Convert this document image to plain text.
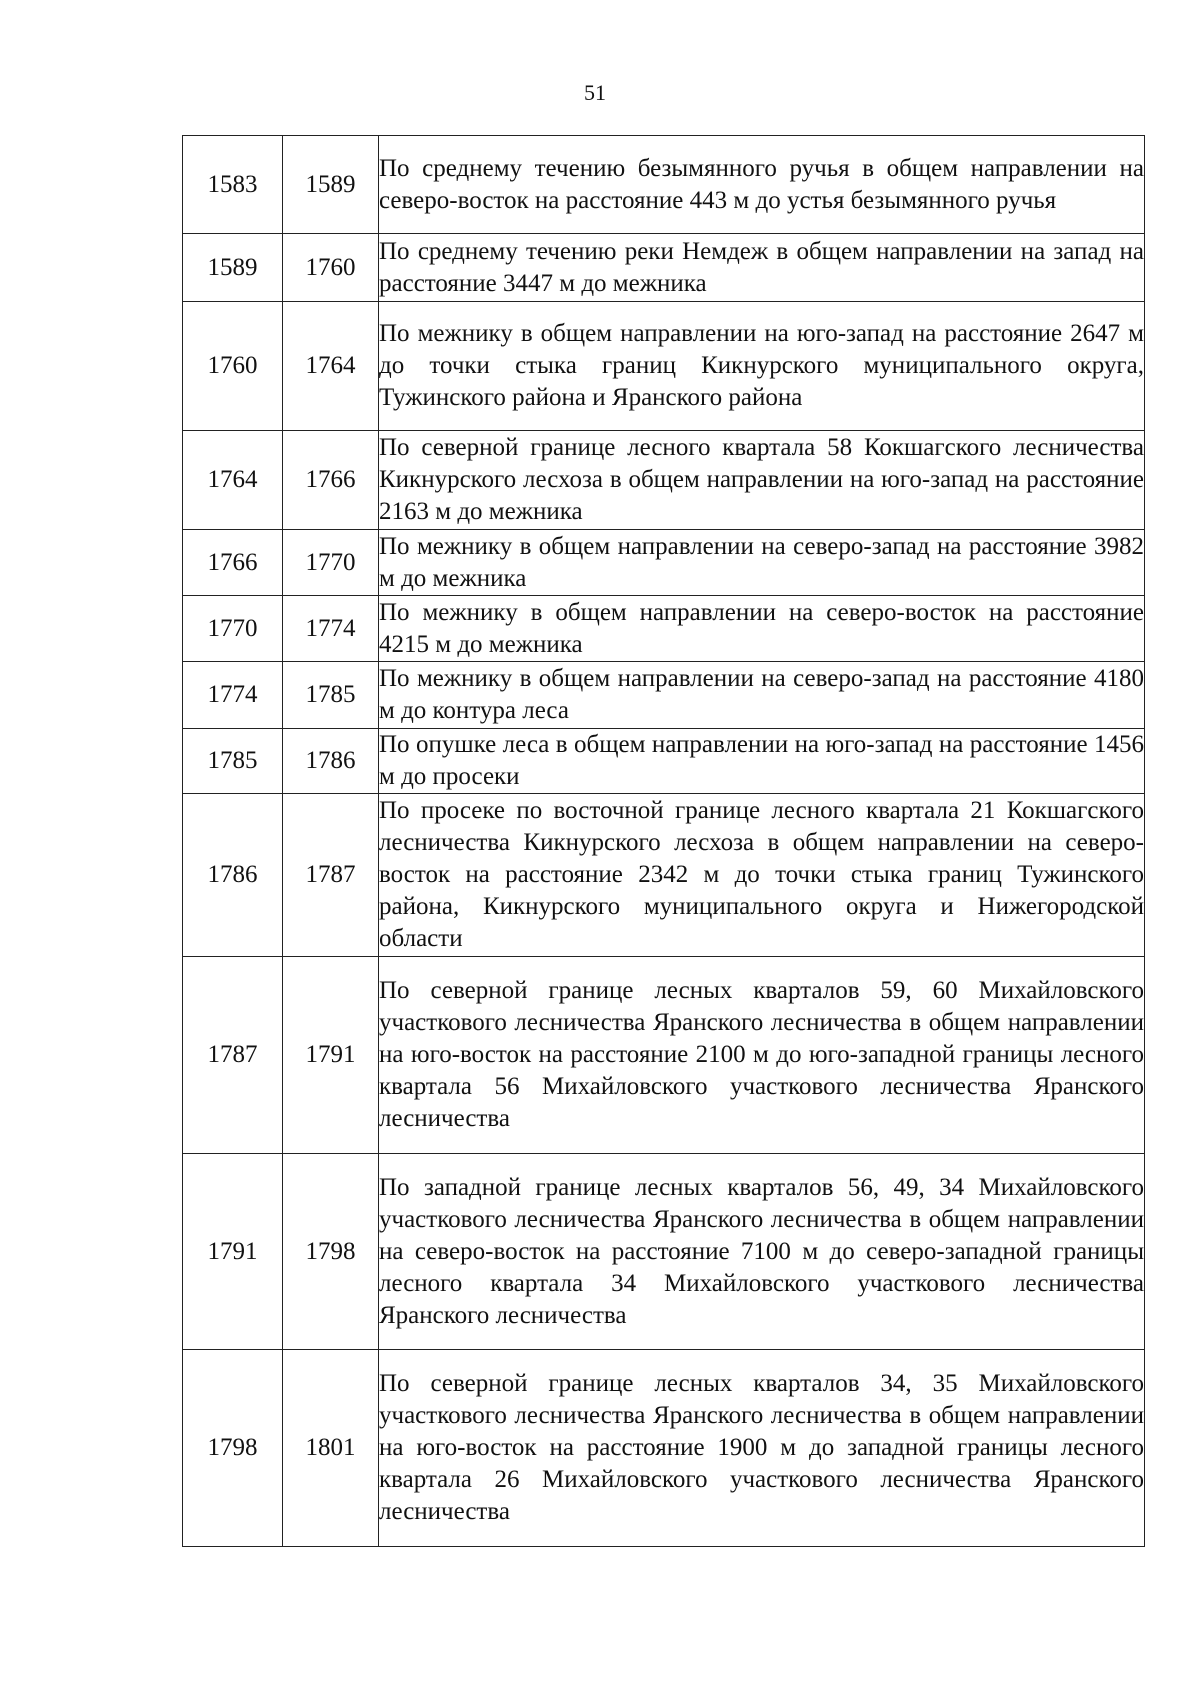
51
1583	1589	По среднему течению безымянного ручья в общем направлении на северо-восток на расстояние 443 м до устья безымянного ручья
1589	1760	По среднему течению реки Немдеж в общем направлении на запад на расстояние 3447 м до межника
1760	1764	По межнику в общем направлении на юго-запад на расстояние 2647 м до точки стыка границ Кикнурского муниципального округа, Тужинского района и Яранского района
1764	1766	По северной границе лесного квартала 58 Кокшагского лесничества Кикнурского лесхоза в общем направлении на юго-запад на расстояние 2163 м до межника
1766	1770	По межнику в общем направлении на северо-запад на расстояние 3982 м до межника
1770	1774	По межнику в общем направлении на северо-восток на расстояние 4215 м до межника
1774	1785	По межнику в общем направлении на северо-запад на расстояние 4180 м до контура леса
1785	1786	По опушке леса в общем направлении на юго-запад на расстояние 1456 м до просеки
1786	1787	По просеке по восточной границе лесного квартала 21 Кокшагского лесничества Кикнурского лесхоза в общем направлении на северо-восток на расстояние 2342 м до точки стыка границ Тужинского района, Кикнурского муниципального округа и Нижегородской области
1787	1791	По северной границе лесных кварталов 59, 60 Михайловского участкового лесничества Яранского лесничества в общем направлении на юго-восток на расстояние 2100 м до юго-западной границы лесного квартала 56 Михайловского участкового лесничества Яранского лесничества
1791	1798	По западной границе лесных кварталов 56, 49, 34 Михайловского участкового лесничества Яранского лесничества в общем направлении на северо-восток на расстояние 7100 м до северо-западной границы лесного квартала 34 Михайловского участкового лесничества Яранского лесничества
1798	1801	По северной границе лесных кварталов 34, 35 Михайловского участкового лесничества Яранского лесничества в общем направлении на юго-восток на расстояние 1900 м до западной границы лесного квартала 26 Михайловского участкового лесничества Яранского лесничества
